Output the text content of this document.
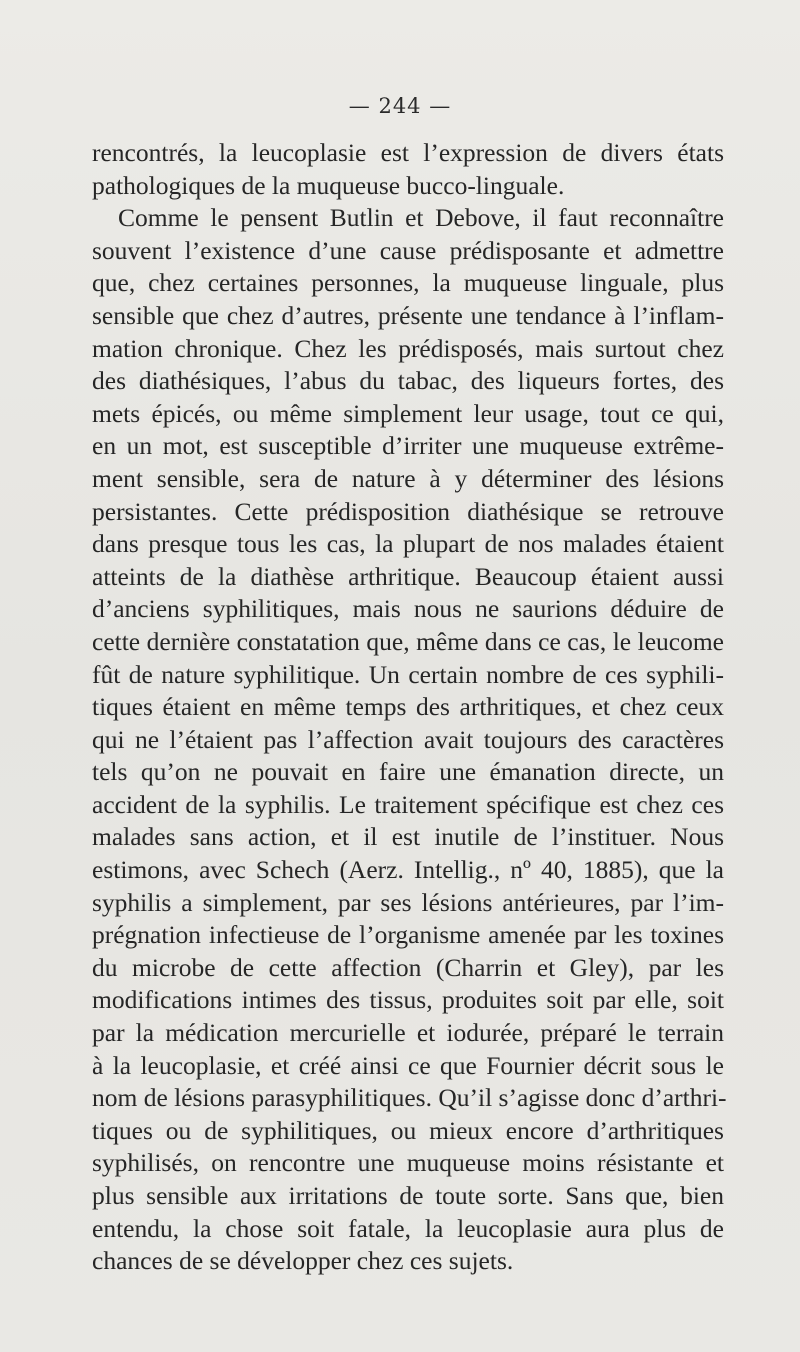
— 244 —
rencontrés, la leucoplasie est l’expression de divers états
pathologiques de la muqueuse bucco-linguale.
Comme le pensent Butlin et Debove, il faut reconnaître
souvent l’existence d’une cause prédisposante et admettre
que, chez certaines personnes, la muqueuse linguale, plus
sensible que chez d’autres, présente une tendance à l’inflam-
mation chronique. Chez les prédisposés, mais surtout chez
des diathésiques, l’abus du tabac, des liqueurs fortes, des
mets épicés, ou même simplement leur usage, tout ce qui,
en un mot, est susceptible d’irriter une muqueuse extrême-
ment sensible, sera de nature à y déterminer des lésions
persistantes. Cette prédisposition diathésique se retrouve
dans presque tous les cas, la plupart de nos malades étaient
atteints de la diathèse arthritique. Beaucoup étaient aussi
d’anciens syphilitiques, mais nous ne saurions déduire de
cette dernière constatation que, même dans ce cas, le leucome
fût de nature syphilitique. Un certain nombre de ces syphili-
tiques étaient en même temps des arthritiques, et chez ceux
qui ne l’étaient pas l’affection avait toujours des caractères
tels qu’on ne pouvait en faire une émanation directe, un
accident de la syphilis. Le traitement spécifique est chez ces
malades sans action, et il est inutile de l’instituer. Nous
estimons, avec Schech (Aerz. Intellig., nº 40, 1885), que la
syphilis a simplement, par ses lésions antérieures, par l’im-
prégnation infectieuse de l’organisme amenée par les toxines
du microbe de cette affection (Charrin et Gley), par les
modifications intimes des tissus, produites soit par elle, soit
par la médication mercurielle et iodurée, préparé le terrain
à la leucoplasie, et créé ainsi ce que Fournier décrit sous le
nom de lésions parasyphilitiques. Qu’il s’agisse donc d’arthri-
tiques ou de syphilitiques, ou mieux encore d’arthritiques
syphilisés, on rencontre une muqueuse moins résistante et
plus sensible aux irritations de toute sorte. Sans que, bien
entendu, la chose soit fatale, la leucoplasie aura plus de
chances de se développer chez ces sujets.
